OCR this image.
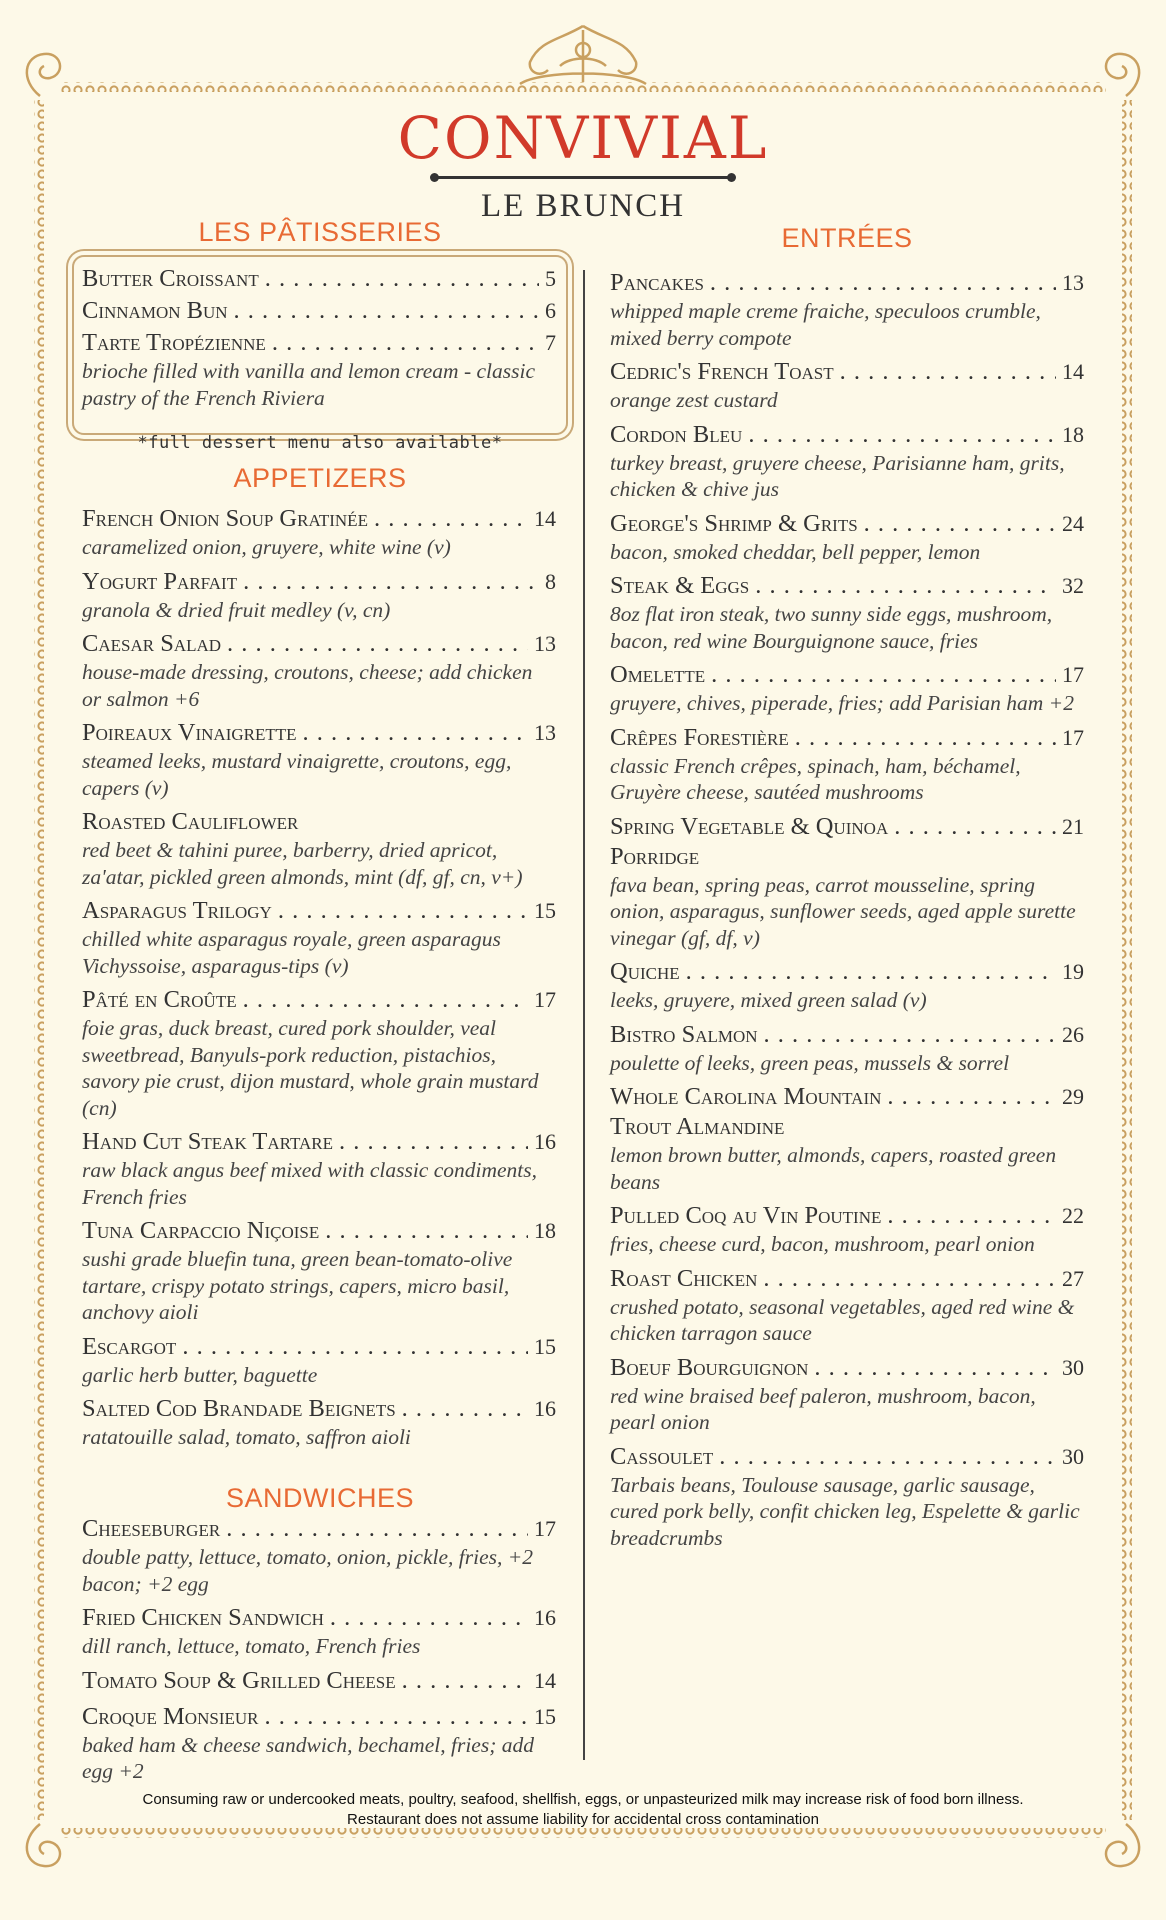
CONVIVIAL
LE BRUNCH
LES PÂTISSERIES
Butter Croissant . . .	5
Cinnamon Bun . . .	6
Tarte Tropézienne . . .	7
brioche filled with vanilla and lemon cream - classic pastry of the French Riviera
*full dessert menu also available*
APPETIZERS
French Onion Soup Gratinée . . .	14
caramelized onion, gruyere, white wine (v)
Yogurt Parfait . . .	8
granola & dried fruit medley (v, cn)
Caesar Salad . . .	13
house-made dressing, croutons, cheese; add chicken or salmon +6
Poireaux Vinaigrette . . .	13
steamed leeks, mustard vinaigrette, croutons, egg, capers (v)
Roasted Cauliflower
red beet & tahini puree, barberry, dried apricot, za'atar, pickled green almonds, mint (df, gf, cn, v+)
Asparagus Trilogy . . .	15
chilled white asparagus royale, green asparagus Vichyssoise, asparagus-tips (v)
Pâté en Croûte . . .	17
foie gras, duck breast, cured pork shoulder, veal sweetbread, Banyuls-pork reduction, pistachios, savory pie crust, dijon mustard, whole grain mustard (cn)
Hand Cut Steak Tartare . . .	16
raw black angus beef mixed with classic condiments, French fries
Tuna Carpaccio Niçoise . . .	18
sushi grade bluefin tuna, green bean-tomato-olive tartare, crispy potato strings, capers, micro basil, anchovy aioli
Escargot . . .	15
garlic herb butter, baguette
Salted Cod Brandade Beignets . . .	16
ratatouille salad, tomato, saffron aioli
SANDWICHES
Cheeseburger . . .	17
double patty, lettuce, tomato, onion, pickle, fries, +2 bacon; +2 egg
Fried Chicken Sandwich . . .	16
dill ranch, lettuce, tomato, French fries
Tomato Soup & Grilled Cheese . . .	14
Croque Monsieur . . .	15
baked ham & cheese sandwich, bechamel, fries; add egg +2
ENTRÉES
Pancakes . . .	13
whipped maple creme fraiche, speculoos crumble, mixed berry compote
Cedric's French Toast . . .	14
orange zest custard
Cordon Bleu . . .	18
turkey breast, gruyere cheese, Parisianne ham, grits, chicken & chive jus
George's Shrimp & Grits . . .	24
bacon, smoked cheddar, bell pepper, lemon
Steak & Eggs . . .	32
8oz flat iron steak, two sunny side eggs, mushroom, bacon, red wine Bourguignone sauce, fries
Omelette . . .	17
gruyere, chives, piperade, fries; add Parisian ham +2
Crêpes Forestière . . .	17
classic French crêpes, spinach, ham, béchamel, Gruyère cheese, sautéed mushrooms
Spring Vegetable & Quinoa . . .	21
Porridge
fava bean, spring peas, carrot mousseline, spring onion, asparagus, sunflower seeds, aged apple surette vinegar (gf, df, v)
Quiche . . .	19
leeks, gruyere, mixed green salad (v)
Bistro Salmon . . .	26
poulette of leeks, green peas, mussels & sorrel
Whole Carolina Mountain . . .	29
Trout Almandine
lemon brown butter, almonds, capers, roasted green beans
Pulled Coq au Vin Poutine . . .	22
fries, cheese curd, bacon, mushroom, pearl onion
Roast Chicken . . .	27
crushed potato, seasonal vegetables, aged red wine & chicken tarragon sauce
Boeuf Bourguignon . . .	30
red wine braised beef paleron, mushroom, bacon, pearl onion
Cassoulet . . .	30
Tarbais beans, Toulouse sausage, garlic sausage, cured pork belly, confit chicken leg, Espelette & garlic breadcrumbs
Consuming raw or undercooked meats, poultry, seafood, shellfish, eggs, or unpasteurized milk may increase risk of food born illness.
Restaurant does not assume liability for accidental cross contamination
